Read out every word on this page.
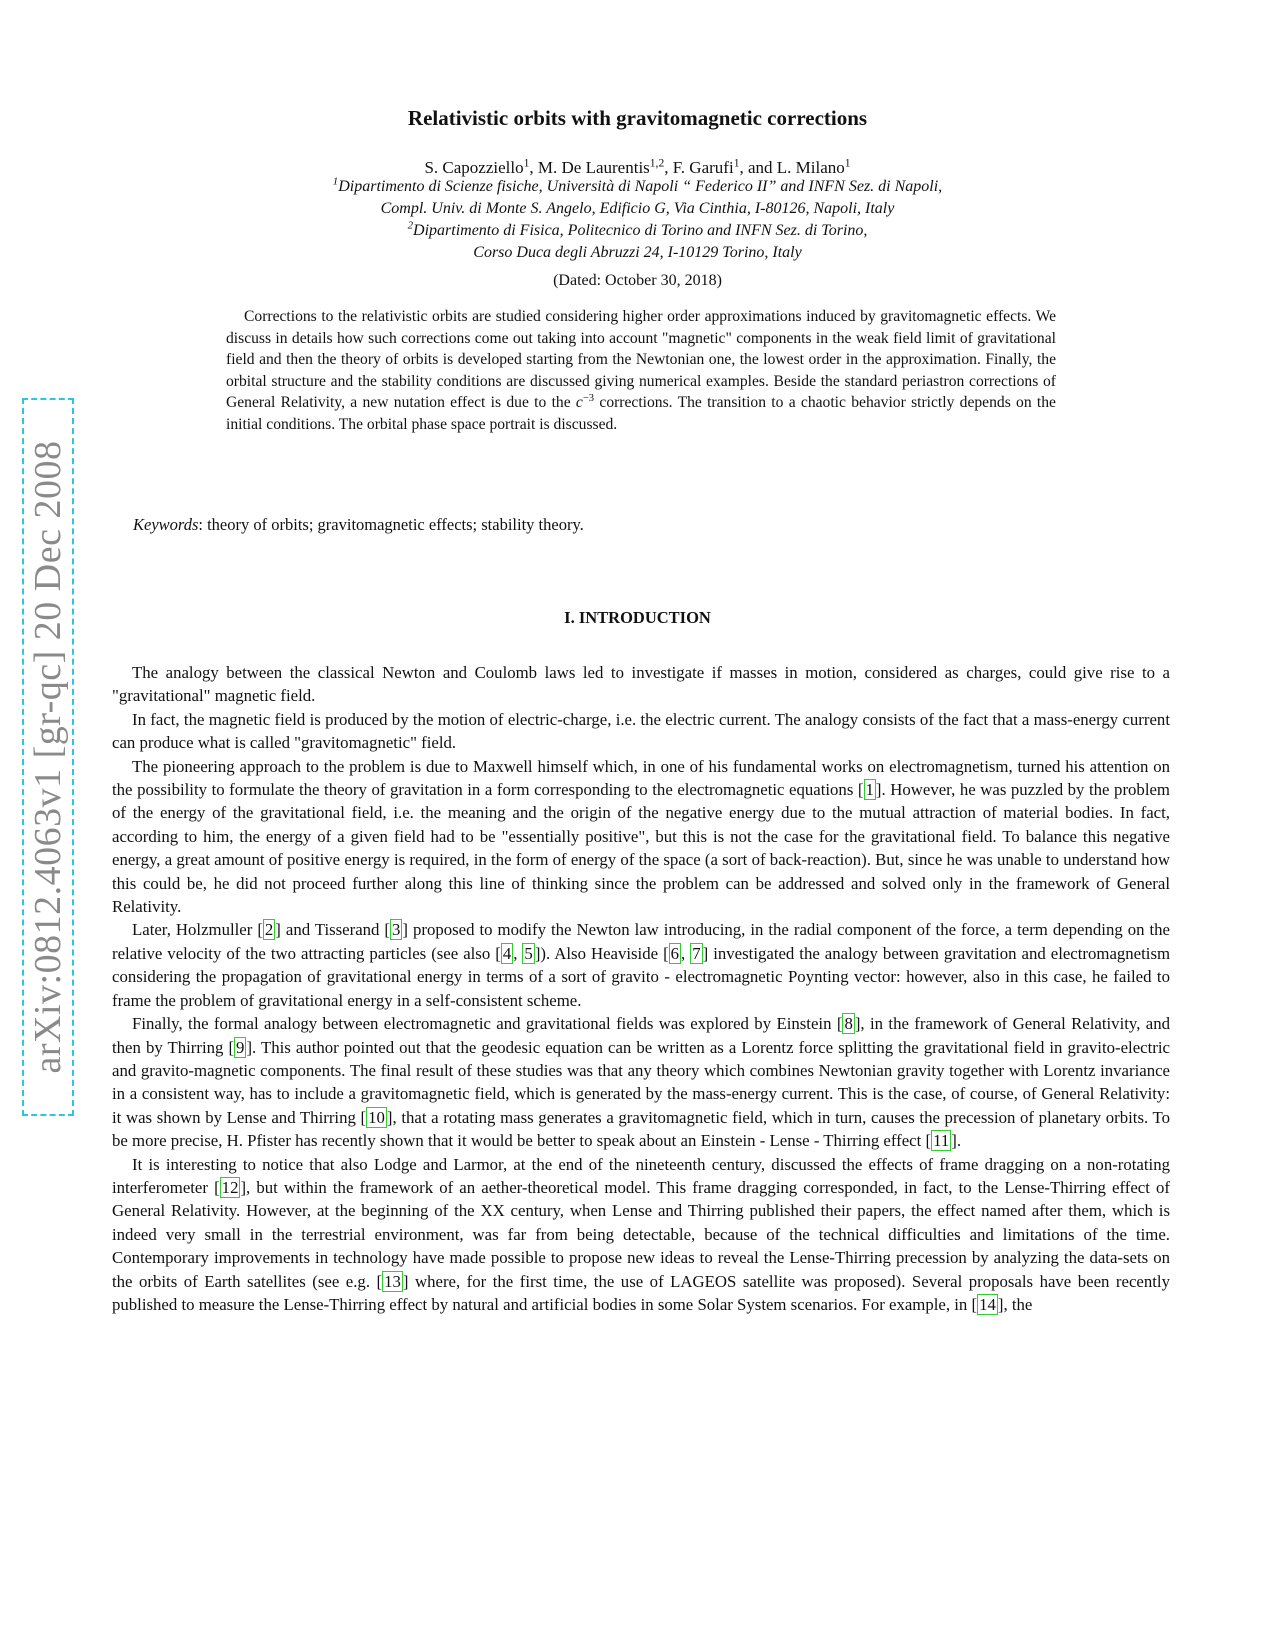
arXiv:0812.4063v1 [gr-qc] 20 Dec 2008
Relativistic orbits with gravitomagnetic corrections
S. Capozziello$^1$, M. De Laurentis$^{1,2}$, F. Garufi$^1$, and L. Milano$^1$
$^1$Dipartimento di Scienze fisiche, Università di Napoli “ Federico II” and INFN Sez. di Napoli,
Compl. Univ. di Monte S. Angelo, Edificio G, Via Cinthia, I-80126, Napoli, Italy
$^2$Dipartimento di Fisica, Politecnico di Torino and INFN Sez. di Torino,
Corso Duca degli Abruzzi 24, I-10129 Torino, Italy
(Dated: October 30, 2018)
Corrections to the relativistic orbits are studied considering higher order approximations induced by gravitomagnetic effects. We discuss in details how such corrections come out taking into account "magnetic" components in the weak field limit of gravitational field and then the theory of orbits is developed starting from the Newtonian one, the lowest order in the approximation. Finally, the orbital structure and the stability conditions are discussed giving numerical examples. Beside the standard periastron corrections of General Relativity, a new nutation effect is due to the $c^{-3}$ corrections. The transition to a chaotic behavior strictly depends on the initial conditions. The orbital phase space portrait is discussed.
Keywords: theory of orbits; gravitomagnetic effects; stability theory.
I. INTRODUCTION

The analogy between the classical Newton and Coulomb laws led to investigate if masses in motion, considered as charges, could give rise to a "gravitational" magnetic field.

In fact, the magnetic field is produced by the motion of electric-charge, i.e. the electric current. The analogy consists of the fact that a mass-energy current can produce what is called "gravitomagnetic" field.

The pioneering approach to the problem is due to Maxwell himself which, in one of his fundamental works on electromagnetism, turned his attention on the possibility to formulate the theory of gravitation in a form corresponding to the electromagnetic equations [ 1 ]. However, he was puzzled by the problem of the energy of the gravitational field, i.e. the meaning and the origin of the negative energy due to the mutual attraction of material bodies. In fact, according to him, the energy of a given field had to be "essentially positive", but this is not the case for the gravitational field. To balance this negative energy, a great amount of positive energy is required, in the form of energy of the space (a sort of back-reaction). But, since he was unable to understand how this could be, he did not proceed further along this line of thinking since the problem can be addressed and solved only in the framework of General Relativity.

Later, Holzmuller [ 2 ] and Tisserand [ 3 ] proposed to modify the Newton law introducing, in the radial component of the force, a term depending on the relative velocity of the two attracting particles (see also [ 4 , 5 ]). Also Heaviside [ 6 , 7 ] investigated the analogy between gravitation and electromagnetism considering the propagation of gravitational energy in terms of a sort of gravito - electromagnetic Poynting vector: however, also in this case, he failed to frame the problem of gravitational energy in a self-consistent scheme.

Finally, the formal analogy between electromagnetic and gravitational fields was explored by Einstein [ 8 ], in the framework of General Relativity, and then by Thirring [ 9 ]. This author pointed out that the geodesic equation can be written as a Lorentz force splitting the gravitational field in gravito-electric and gravito-magnetic components. The final result of these studies was that any theory which combines Newtonian gravity together with Lorentz invariance in a consistent way, has to include a gravitomagnetic field, which is generated by the mass-energy current. This is the case, of course, of General Relativity: it was shown by Lense and Thirring [ 10 ], that a rotating mass generates a gravitomagnetic field, which in turn, causes the precession of planetary orbits. To be more precise, H. Pfister has recently shown that it would be better to speak about an Einstein - Lense - Thirring effect [ 11 ].

It is interesting to notice that also Lodge and Larmor, at the end of the nineteenth century, discussed the effects of frame dragging on a non-rotating interferometer [ 12 ], but within the framework of an aether-theoretical model. This frame dragging corresponded, in fact, to the Lense-Thirring effect of General Relativity. However, at the beginning of the XX century, when Lense and Thirring published their papers, the effect named after them, which is indeed very small in the terrestrial environment, was far from being detectable, because of the technical difficulties and limitations of the time. Contemporary improvements in technology have made possible to propose new ideas to reveal the Lense-Thirring precession by analyzing the data-sets on the orbits of Earth satellites (see e.g. [ 13 ] where, for the first time, the use of LAGEOS satellite was proposed). Several proposals have been recently published to measure the Lense-Thirring effect by natural and artificial bodies in some Solar System scenarios. For example, in [ 14 ], the
